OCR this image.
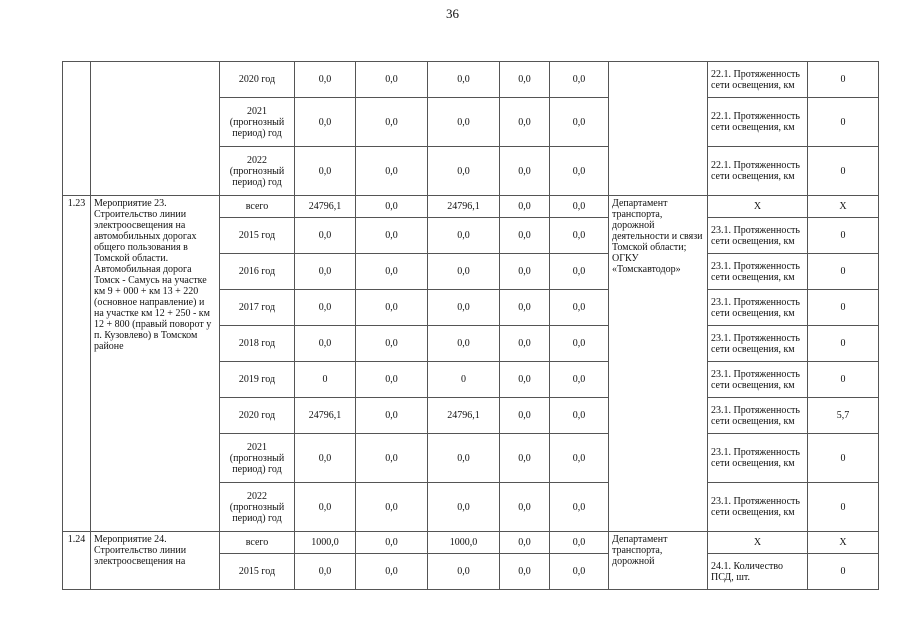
36
		2020 год	0,0	0,0	0,0	0,0	0,0		22.1. Протяженность сети освещения, км	0
		2021 (прогнозный период) год	0,0	0,0	0,0	0,0	0,0		22.1. Протяженность сети освещения, км	0
		2022 (прогнозный период) год	0,0	0,0	0,0	0,0	0,0		22.1. Протяженность сети освещения, км	0
1.23	Мероприятие 23. Строительство линии электроосвещения на автомобильных дорогах общего пользования в Томской области. Автомобильная дорога Томск - Самусь на участке км 9 + 000 + км 13 + 220 (основное направление) и на участке км 12 + 250 - км 12 + 800 (правый поворот у п. Кузовлево) в Томском районе	всего	24796,1	0,0	24796,1	0,0	0,0	Департамент транспорта, дорожной деятельности и связи Томской области; ОГКУ «Томскавтодор»	X	X
		2015 год	0,0	0,0	0,0	0,0	0,0		23.1. Протяженность сети освещения, км	0
		2016 год	0,0	0,0	0,0	0,0	0,0		23.1. Протяженность сети освещения, км	0
		2017 год	0,0	0,0	0,0	0,0	0,0		23.1. Протяженность сети освещения, км	0
		2018 год	0,0	0,0	0,0	0,0	0,0		23.1. Протяженность сети освещения, км	0
		2019 год	0	0,0	0	0,0	0,0		23.1. Протяженность сети освещения, км	0
		2020 год	24796,1	0,0	24796,1	0,0	0,0		23.1. Протяженность сети освещения, км	5,7
		2021 (прогнозный период) год	0,0	0,0	0,0	0,0	0,0		23.1. Протяженность сети освещения, км	0
		2022 (прогнозный период) год	0,0	0,0	0,0	0,0	0,0		23.1. Протяженность сети освещения, км	0
1.24	Мероприятие 24. Строительство линии электроосвещения на	всего	1000,0	0,0	1000,0	0,0	0,0	Департамент транспорта, дорожной	X	X
		2015 год	0,0	0,0	0,0	0,0	0,0		24.1. Количество ПСД, шт.	0
